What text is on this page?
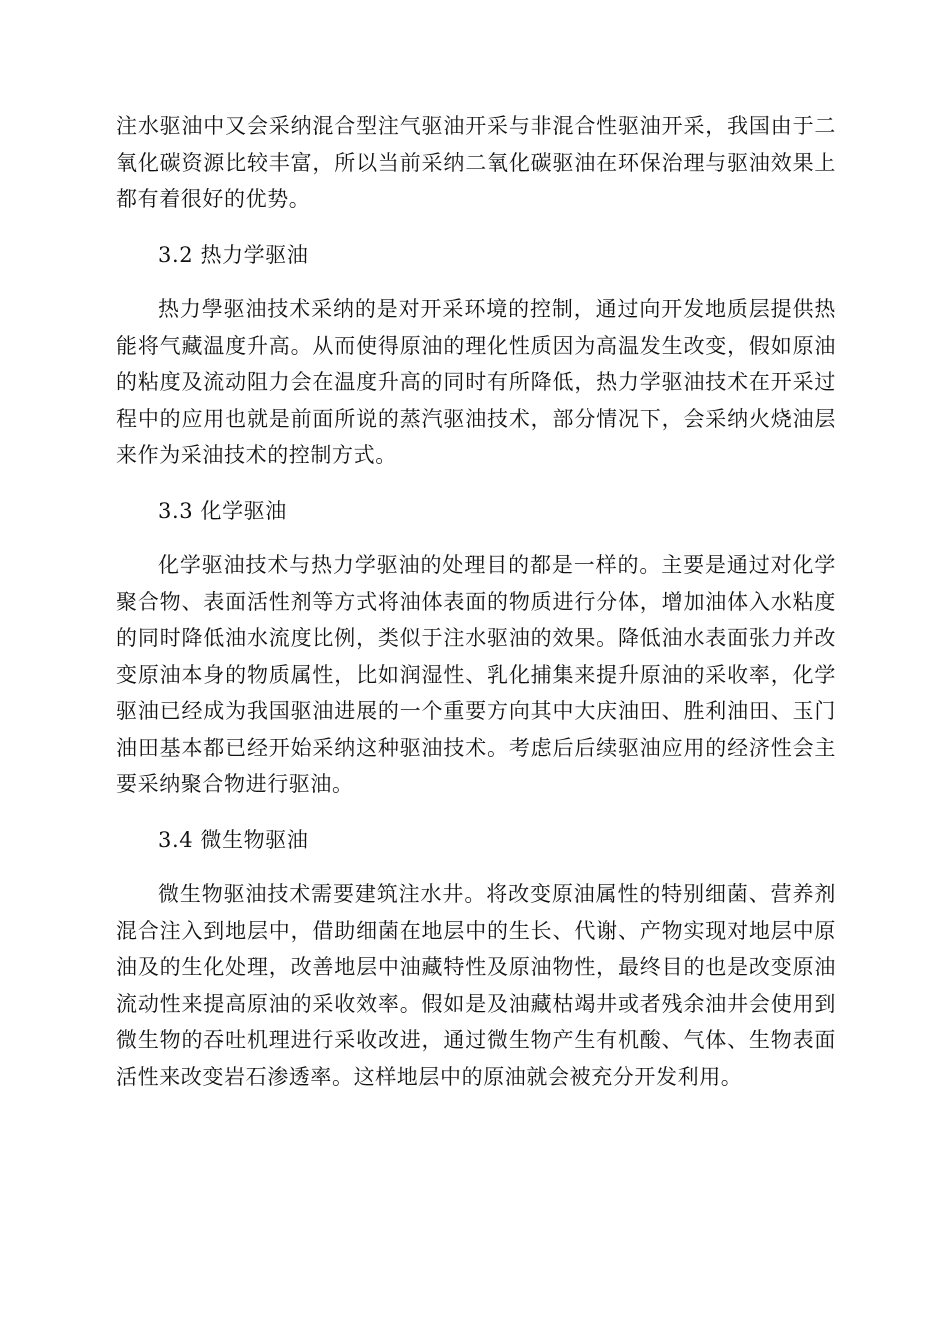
注水驱油中又会采纳混合型注气驱油开采与非混合性驱油开采，我国由于二氧化碳资源比较丰富，所以当前采纳二氧化碳驱油在环保治理与驱油效果上都有着很好的优势。

3.2 热力学驱油

热力學驱油技术采纳的是对开采环境的控制，通过向开发地质层提供热能将气藏温度升高。从而使得原油的理化性质因为高温发生改变，假如原油的粘度及流动阻力会在温度升高的同时有所降低，热力学驱油技术在开采过程中的应用也就是前面所说的蒸汽驱油技术，部分情况下，会采纳火烧油层来作为采油技术的控制方式。

3.3 化学驱油

化学驱油技术与热力学驱油的处理目的都是一样的。主要是通过对化学聚合物、表面活性剂等方式将油体表面的物质进行分体，增加油体入水粘度的同时降低油水流度比例，类似于注水驱油的效果。降低油水表面张力并改变原油本身的物质属性，比如润湿性、乳化捕集来提升原油的采收率，化学驱油已经成为我国驱油进展的一个重要方向其中大庆油田、胜利油田、玉门油田基本都已经开始采纳这种驱油技术。考虑后后续驱油应用的经济性会主要采纳聚合物进行驱油。

3.4 微生物驱油

微生物驱油技术需要建筑注水井。将改变原油属性的特别细菌、营养剂混合注入到地层中，借助细菌在地层中的生长、代谢、产物实现对地层中原油及的生化处理，改善地层中油藏特性及原油物性，最终目的也是改变原油流动性来提高原油的采收效率。假如是及油藏枯竭井或者残余油井会使用到微生物的吞吐机理进行采收改进，通过微生物产生有机酸、气体、生物表面活性来改变岩石渗透率。这样地层中的原油就会被充分开发利用。
